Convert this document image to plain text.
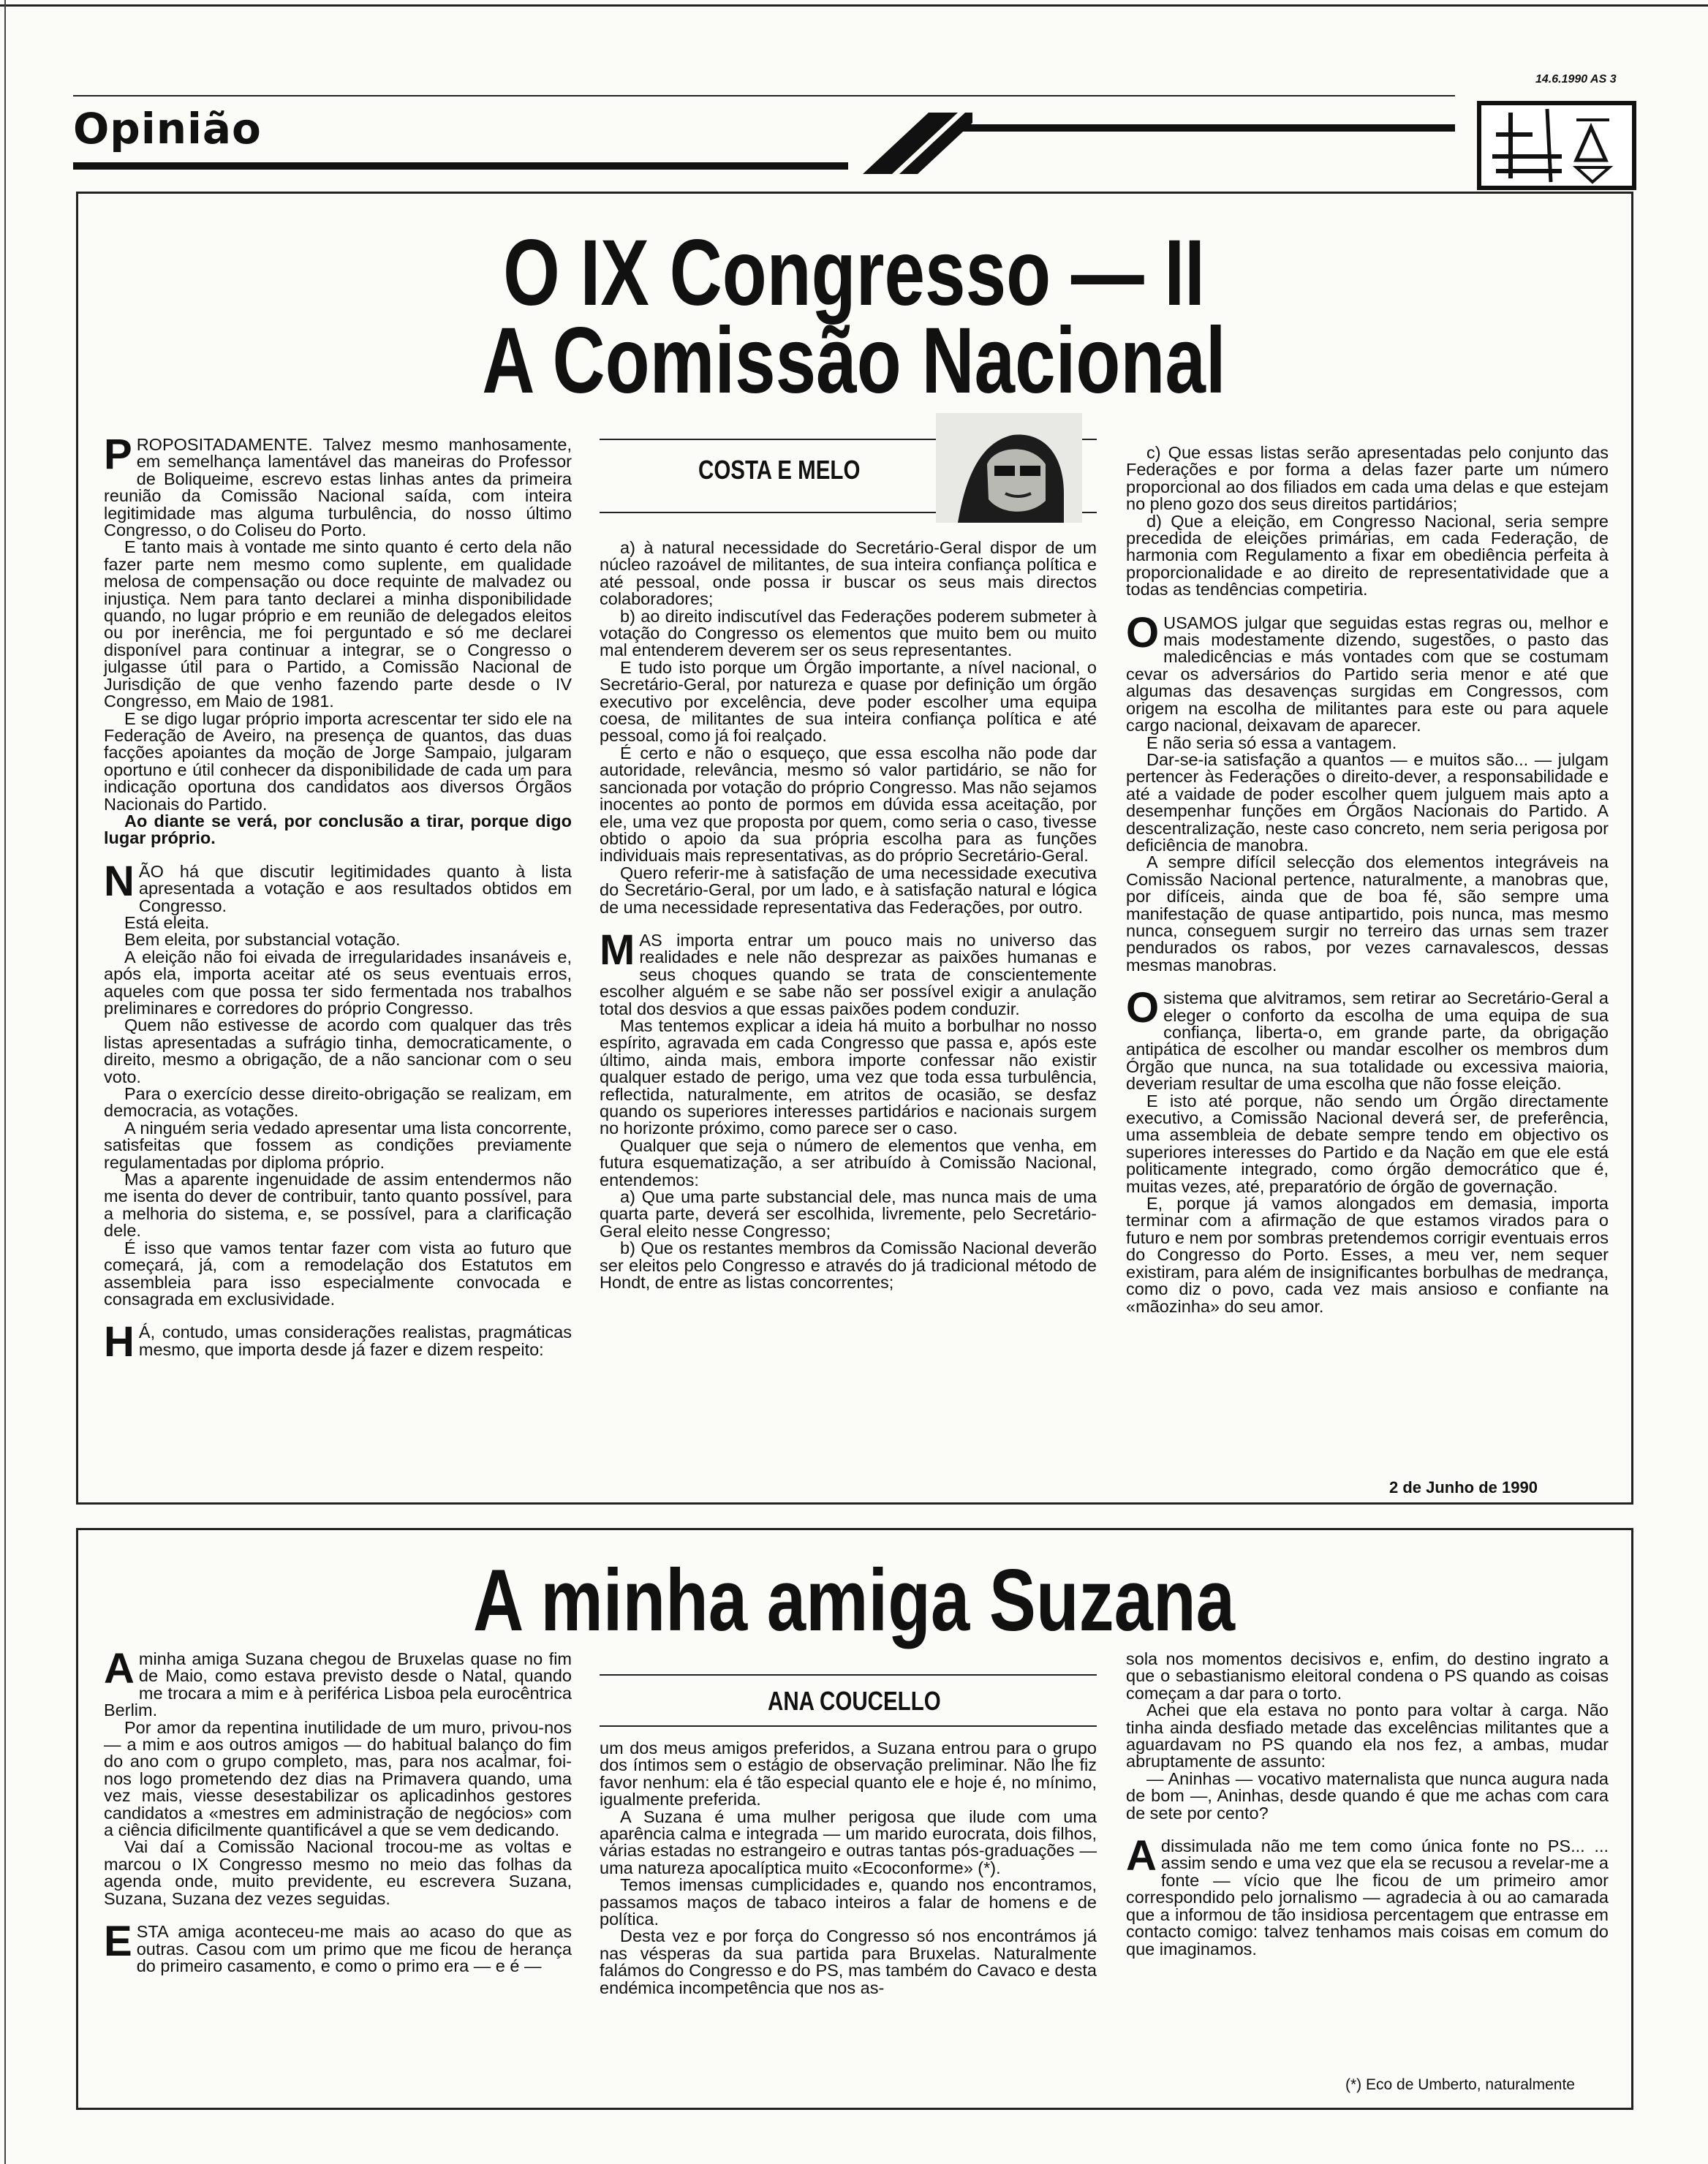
14.6.1990 AS 3
Opinião
O IX Congresso — II
A Comissão Nacional
COSTA E MELO

PROPOSITADAMENTE. Talvez mesmo manhosamente, em semelhança lamentável das maneiras do Professor de Boliqueime, escrevo estas linhas antes da primeira reunião da Comissão Nacional saída, com inteira legitimidade mas alguma turbulência, do nosso último Congresso, o do Coliseu do Porto.

E tanto mais à vontade me sinto quanto é certo dela não fazer parte nem mesmo como suplente, em qualidade melosa de compensação ou doce requinte de malvadez ou injustiça. Nem para tanto declarei a minha disponibilidade quando, no lugar próprio e em reunião de delegados eleitos ou por inerência, me foi perguntado e só me declarei disponível para continuar a integrar, se o Congresso o julgasse útil para o Partido, a Comissão Nacional de Jurisdição de que venho fazendo parte desde o IV Congresso, em Maio de 1981.

E se digo lugar próprio importa acrescentar ter sido ele na Federação de Aveiro, na presença de quantos, das duas facções apoiantes da moção de Jorge Sampaio, julgaram oportuno e útil conhecer da disponibilidade de cada um para indicação oportuna dos candidatos aos diversos Órgãos Nacionais do Partido.

Ao diante se verá, por conclusão a tirar, porque digo lugar próprio.

NÃO há que discutir legitimidades quanto à lista apresentada a votação e aos resultados obtidos em Congresso.

Está eleita.

Bem eleita, por substancial votação.

A eleição não foi eivada de irregularidades insanáveis e, após ela, importa aceitar até os seus eventuais erros, aqueles com que possa ter sido fermentada nos trabalhos preliminares e corredores do próprio Congresso.

Quem não estivesse de acordo com qualquer das três listas apresentadas a sufrágio tinha, democraticamente, o direito, mesmo a obrigação, de a não sancionar com o seu voto.

Para o exercício desse direito-obrigação se realizam, em democracia, as votações.

A ninguém seria vedado apresentar uma lista concorrente, satisfeitas que fossem as condições previamente regulamentadas por diploma próprio.

Mas a aparente ingenuidade de assim entendermos não me isenta do dever de contribuir, tanto quanto possível, para a melhoria do sistema, e, se possível, para a clarificação dele.

É isso que vamos tentar fazer com vista ao futuro que começará, já, com a remodelação dos Estatutos em assembleia para isso especialmente convocada e consagrada em exclusividade.

H Á, contudo, umas considerações realistas, pragmáticas mesmo, que importa desde já fazer e dizem respeito:

a) à natural necessidade do Secretário-Geral dispor de um núcleo razoável de militantes, de sua inteira confiança política e até pessoal, onde possa ir buscar os seus mais directos colaboradores;

b) ao direito indiscutível das Federações poderem submeter à votação do Congresso os elementos que muito bem ou muito mal entenderem deverem ser os seus representantes.

E tudo isto porque um Órgão importante, a nível nacional, o Secretário-Geral, por natureza e quase por definição um órgão executivo por excelência, deve poder escolher uma equipa coesa, de militantes de sua inteira confiança política e até pessoal, como já foi realçado.

É certo e não o esqueço, que essa escolha não pode dar autoridade, relevância, mesmo só valor partidário, se não for sancionada por votação do próprio Congresso. Mas não sejamos inocentes ao ponto de pormos em dúvida essa aceitação, por ele, uma vez que proposta por quem, como seria o caso, tivesse obtido o apoio da sua própria escolha para as funções individuais mais representativas, as do próprio Secretário-Geral.

Quero referir-me à satisfação de uma necessidade executiva do Secretário-Geral, por um lado, e à satisfação natural e lógica de uma necessidade representativa das Federações, por outro.

MAS importa entrar um pouco mais no universo das realidades e nele não desprezar as paixões humanas e seus choques quando se trata de conscientemente escolher alguém e se sabe não ser possível exigir a anulação total dos desvios a que essas paixões podem conduzir.

Mas tentemos explicar a ideia há muito a borbulhar no nosso espírito, agravada em cada Congresso que passa e, após este último, ainda mais, embora importe confessar não existir qualquer estado de perigo, uma vez que toda essa turbulência, reflectida, naturalmente, em atritos de ocasião, se desfaz quando os superiores interesses partidários e nacionais surgem no horizonte próximo, como parece ser o caso.

Qualquer que seja o número de elementos que venha, em futura esquematização, a ser atribuído à Comissão Nacional, entendemos:

a) Que uma parte substancial dele, mas nunca mais de uma quarta parte, deverá ser escolhida, livremente, pelo Secretário-Geral eleito nesse Congresso;

b) Que os restantes membros da Comissão Nacional deverão ser eleitos pelo Congresso e através do já tradicional método de Hondt, de entre as listas concorrentes;

c) Que essas listas serão apresentadas pelo conjunto das Federações e por forma a delas fazer parte um número proporcional ao dos filiados em cada uma delas e que estejam no pleno gozo dos seus direitos partidários;

d) Que a eleição, em Congresso Nacional, seria sempre precedida de eleições primárias, em cada Federação, de harmonia com Regulamento a fixar em obediência perfeita à proporcionalidade e ao direito de representatividade que a todas as tendências competiria.

OUSAMOS julgar que seguidas estas regras ou, melhor e mais modestamente dizendo, sugestões, o pasto das maledicências e más vontades com que se costumam cevar os adversários do Partido seria menor e até que algumas das desavenças surgidas em Congressos, com origem na escolha de militantes para este ou para aquele cargo nacional, deixavam de aparecer.

E não seria só essa a vantagem.

Dar-se-ia satisfação a quantos — e muitos são... — julgam pertencer às Federações o direito-dever, a responsabilidade e até a vaidade de poder escolher quem julguem mais apto a desempenhar funções em Órgãos Nacionais do Partido. A descentralização, neste caso concreto, nem seria perigosa por deficiência de manobra.

A sempre difícil selecção dos elementos integráveis na Comissão Nacional pertence, naturalmente, a manobras que, por difíceis, ainda que de boa fé, são sempre uma manifestação de quase antipartido, pois nunca, mas mesmo nunca, conseguem surgir no terreiro das urnas sem trazer pendurados os rabos, por vezes carnavalescos, dessas mesmas manobras.

O sistema que alvitramos, sem retirar ao Secretário-Geral a eleger o conforto da escolha de uma equipa de sua confiança, liberta-o, em grande parte, da obrigação antipática de escolher ou mandar escolher os membros dum Órgão que nunca, na sua totalidade ou excessiva maioria, deveriam resultar de uma escolha que não fosse eleição.

E isto até porque, não sendo um Órgão directamente executivo, a Comissão Nacional deverá ser, de preferência, uma assembleia de debate sempre tendo em objectivo os superiores interesses do Partido e da Nação em que ele está politicamente integrado, como órgão democrático que é, muitas vezes, até, preparatório de órgão de governação.

E, porque já vamos alongados em demasia, importa terminar com a afirmação de que estamos virados para o futuro e nem por sombras pretendemos corrigir eventuais erros do Congresso do Porto. Esses, a meu ver, nem sequer existiram, para além de insignificantes borbulhas de medrança, como diz o povo, cada vez mais ansioso e confiante na «mãozinha» do seu amor.

2 de Junho de 1990
A minha amiga Suzana
ANA COUCELLO

A minha amiga Suzana chegou de Bruxelas quase no fim de Maio, como estava previsto desde o Natal, quando me trocara a mim e à periférica Lisboa pela eurocêntrica Berlim.

Por amor da repentina inutilidade de um muro, privou-nos — a mim e aos outros amigos — do habitual balanço do fim do ano com o grupo completo, mas, para nos acalmar, foi-nos logo prometendo dez dias na Primavera quando, uma vez mais, viesse desestabilizar os aplicadinhos gestores candidatos a «mestres em administração de negócios» com a ciência dificilmente quantificável a que se vem dedicando.

Vai daí a Comissão Nacional trocou-me as voltas e marcou o IX Congresso mesmo no meio das folhas da agenda onde, muito previdente, eu escrevera Suzana, Suzana, Suzana dez vezes seguidas.

ESTA amiga aconteceu-me mais ao acaso do que as outras. Casou com um primo que me ficou de herança do primeiro casamento, e como o primo era — e é —

um dos meus amigos preferidos, a Suzana entrou para o grupo dos íntimos sem o estágio de observação preliminar. Não lhe fiz favor nenhum: ela é tão especial quanto ele e hoje é, no mínimo, igualmente preferida.

A Suzana é uma mulher perigosa que ilude com uma aparência calma e integrada — um marido eurocrata, dois filhos, várias estadas no estrangeiro e outras tantas pós-graduações — uma natureza apocalíptica muito «Ecoconforme» (*).

Temos imensas cumplicidades e, quando nos encontramos, passamos maços de tabaco inteiros a falar de homens e de política.

Desta vez e por força do Congresso só nos encontrámos já nas vésperas da sua partida para Bruxelas. Naturalmente falámos do Congresso e do PS, mas também do Cavaco e desta endémica incompetência que nos as-

sola nos momentos decisivos e, enfim, do destino ingrato a que o sebastianismo eleitoral condena o PS quando as coisas começam a dar para o torto.

Achei que ela estava no ponto para voltar à carga. Não tinha ainda desfiado metade das excelências militantes que a aguardavam no PS quando ela nos fez, a ambas, mudar abruptamente de assunto:

— Aninhas — vocativo maternalista que nunca augura nada de bom —, Aninhas, desde quando é que me achas com cara de sete por cento?

A dissimulada não me tem como única fonte no PS... ... assim sendo e uma vez que ela se recusou a revelar-me a fonte — vício que lhe ficou de um primeiro amor correspondido pelo jornalismo — agradecia à ou ao camarada que a informou de tão insidiosa percentagem que entrasse em contacto comigo: talvez tenhamos mais coisas em comum do que imaginamos.

(*) Eco de Umberto, naturalmente
